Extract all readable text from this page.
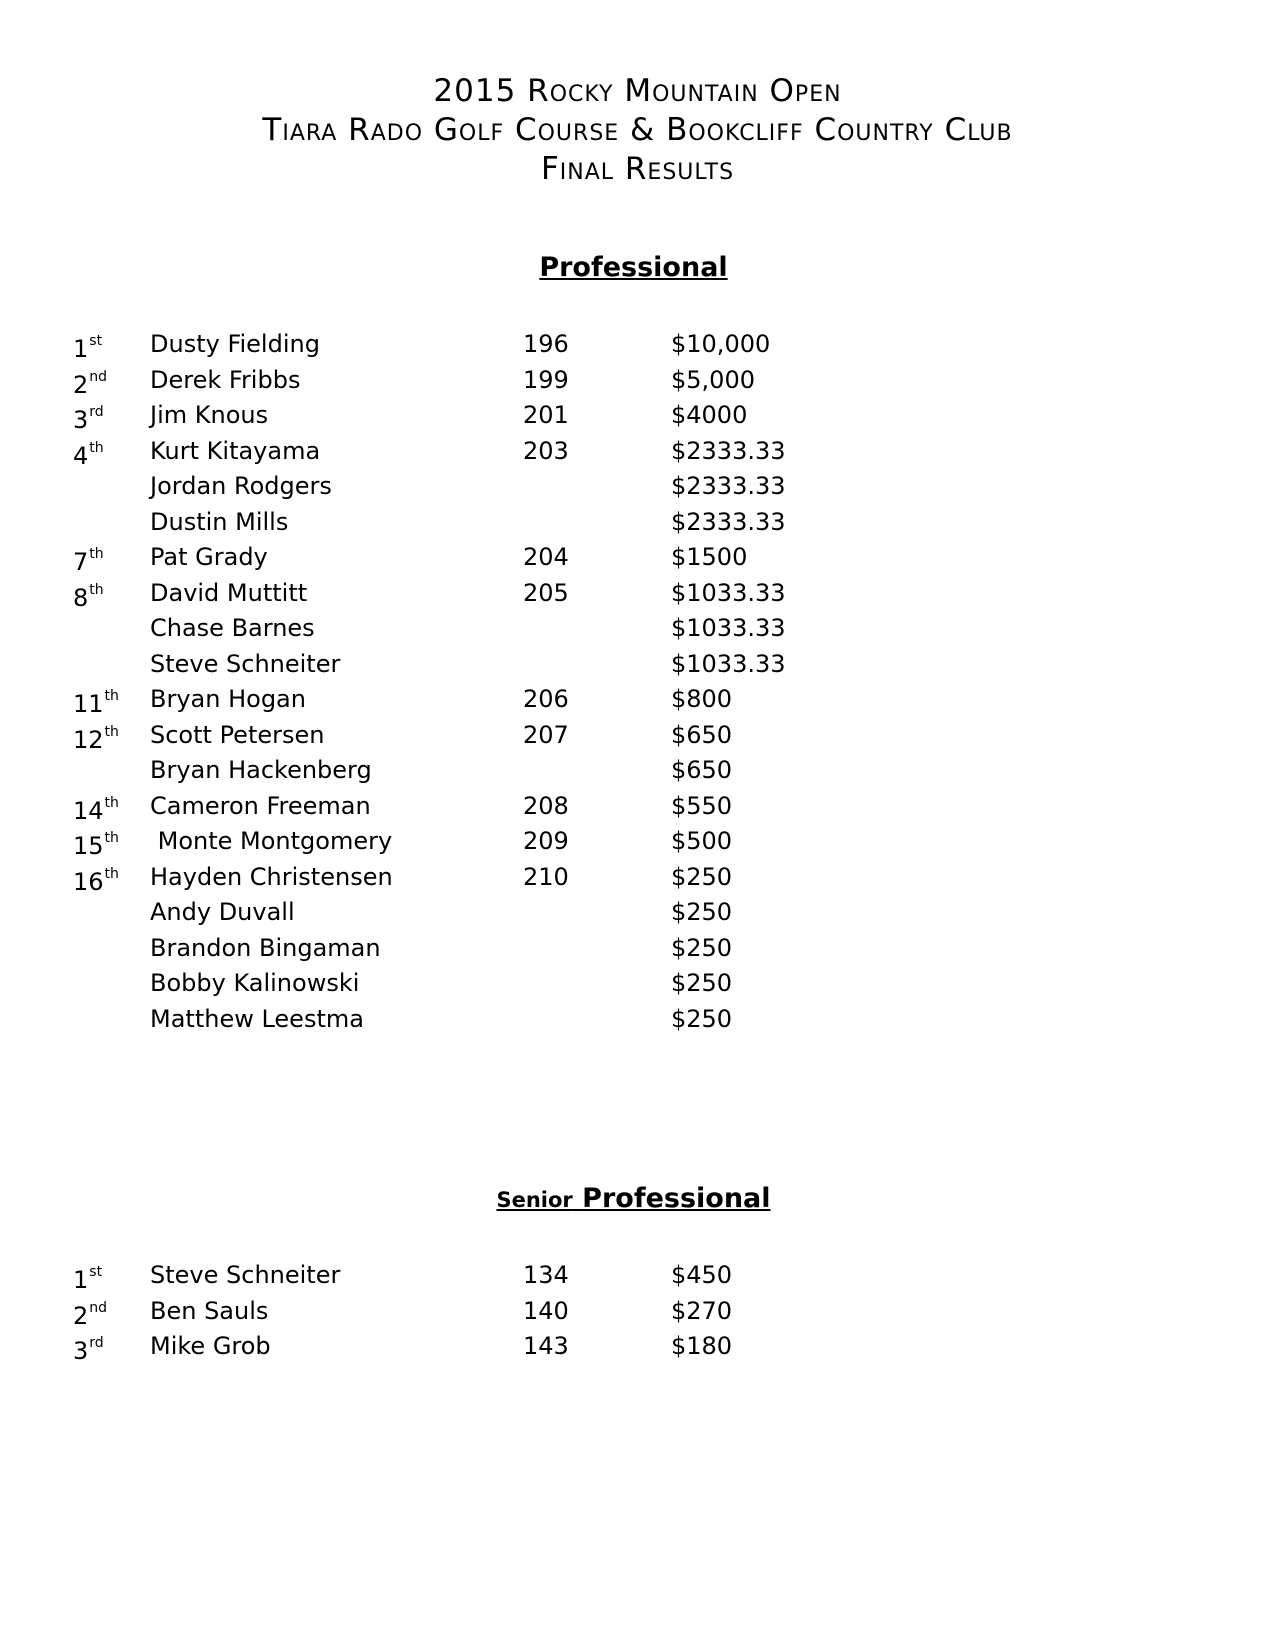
2015 Rocky Mountain Open
Tiara Rado Golf Course & Bookcliff Country Club
Final Results
Professional
1st Dusty Fielding	196	$10,000
2nd Derek Fribbs	199	$5,000
3rd Jim Knous	201	$4000
4th Kurt Kitayama	203	$2333.33
Jordan Rodgers	$2333.33
Dustin Mills	$2333.33
7th Pat Grady	204	$1500
8th David Muttitt	205	$1033.33
Chase Barnes	$1033.33
Steve Schneiter	$1033.33
11th Bryan Hogan	206	$800
12th Scott Petersen	207	$650
Bryan Hackenberg	$650
14th Cameron Freeman	208	$550
15th Monte Montgomery	209	$500
16th Hayden Christensen	210	$250
Andy Duvall	$250
Brandon Bingaman	$250
Bobby Kalinowski	$250
Matthew Leestma	$250
Senior Professional
1st Steve Schneiter	134	$450
2nd Ben Sauls	140	$270
3rd Mike Grob	143	$180
